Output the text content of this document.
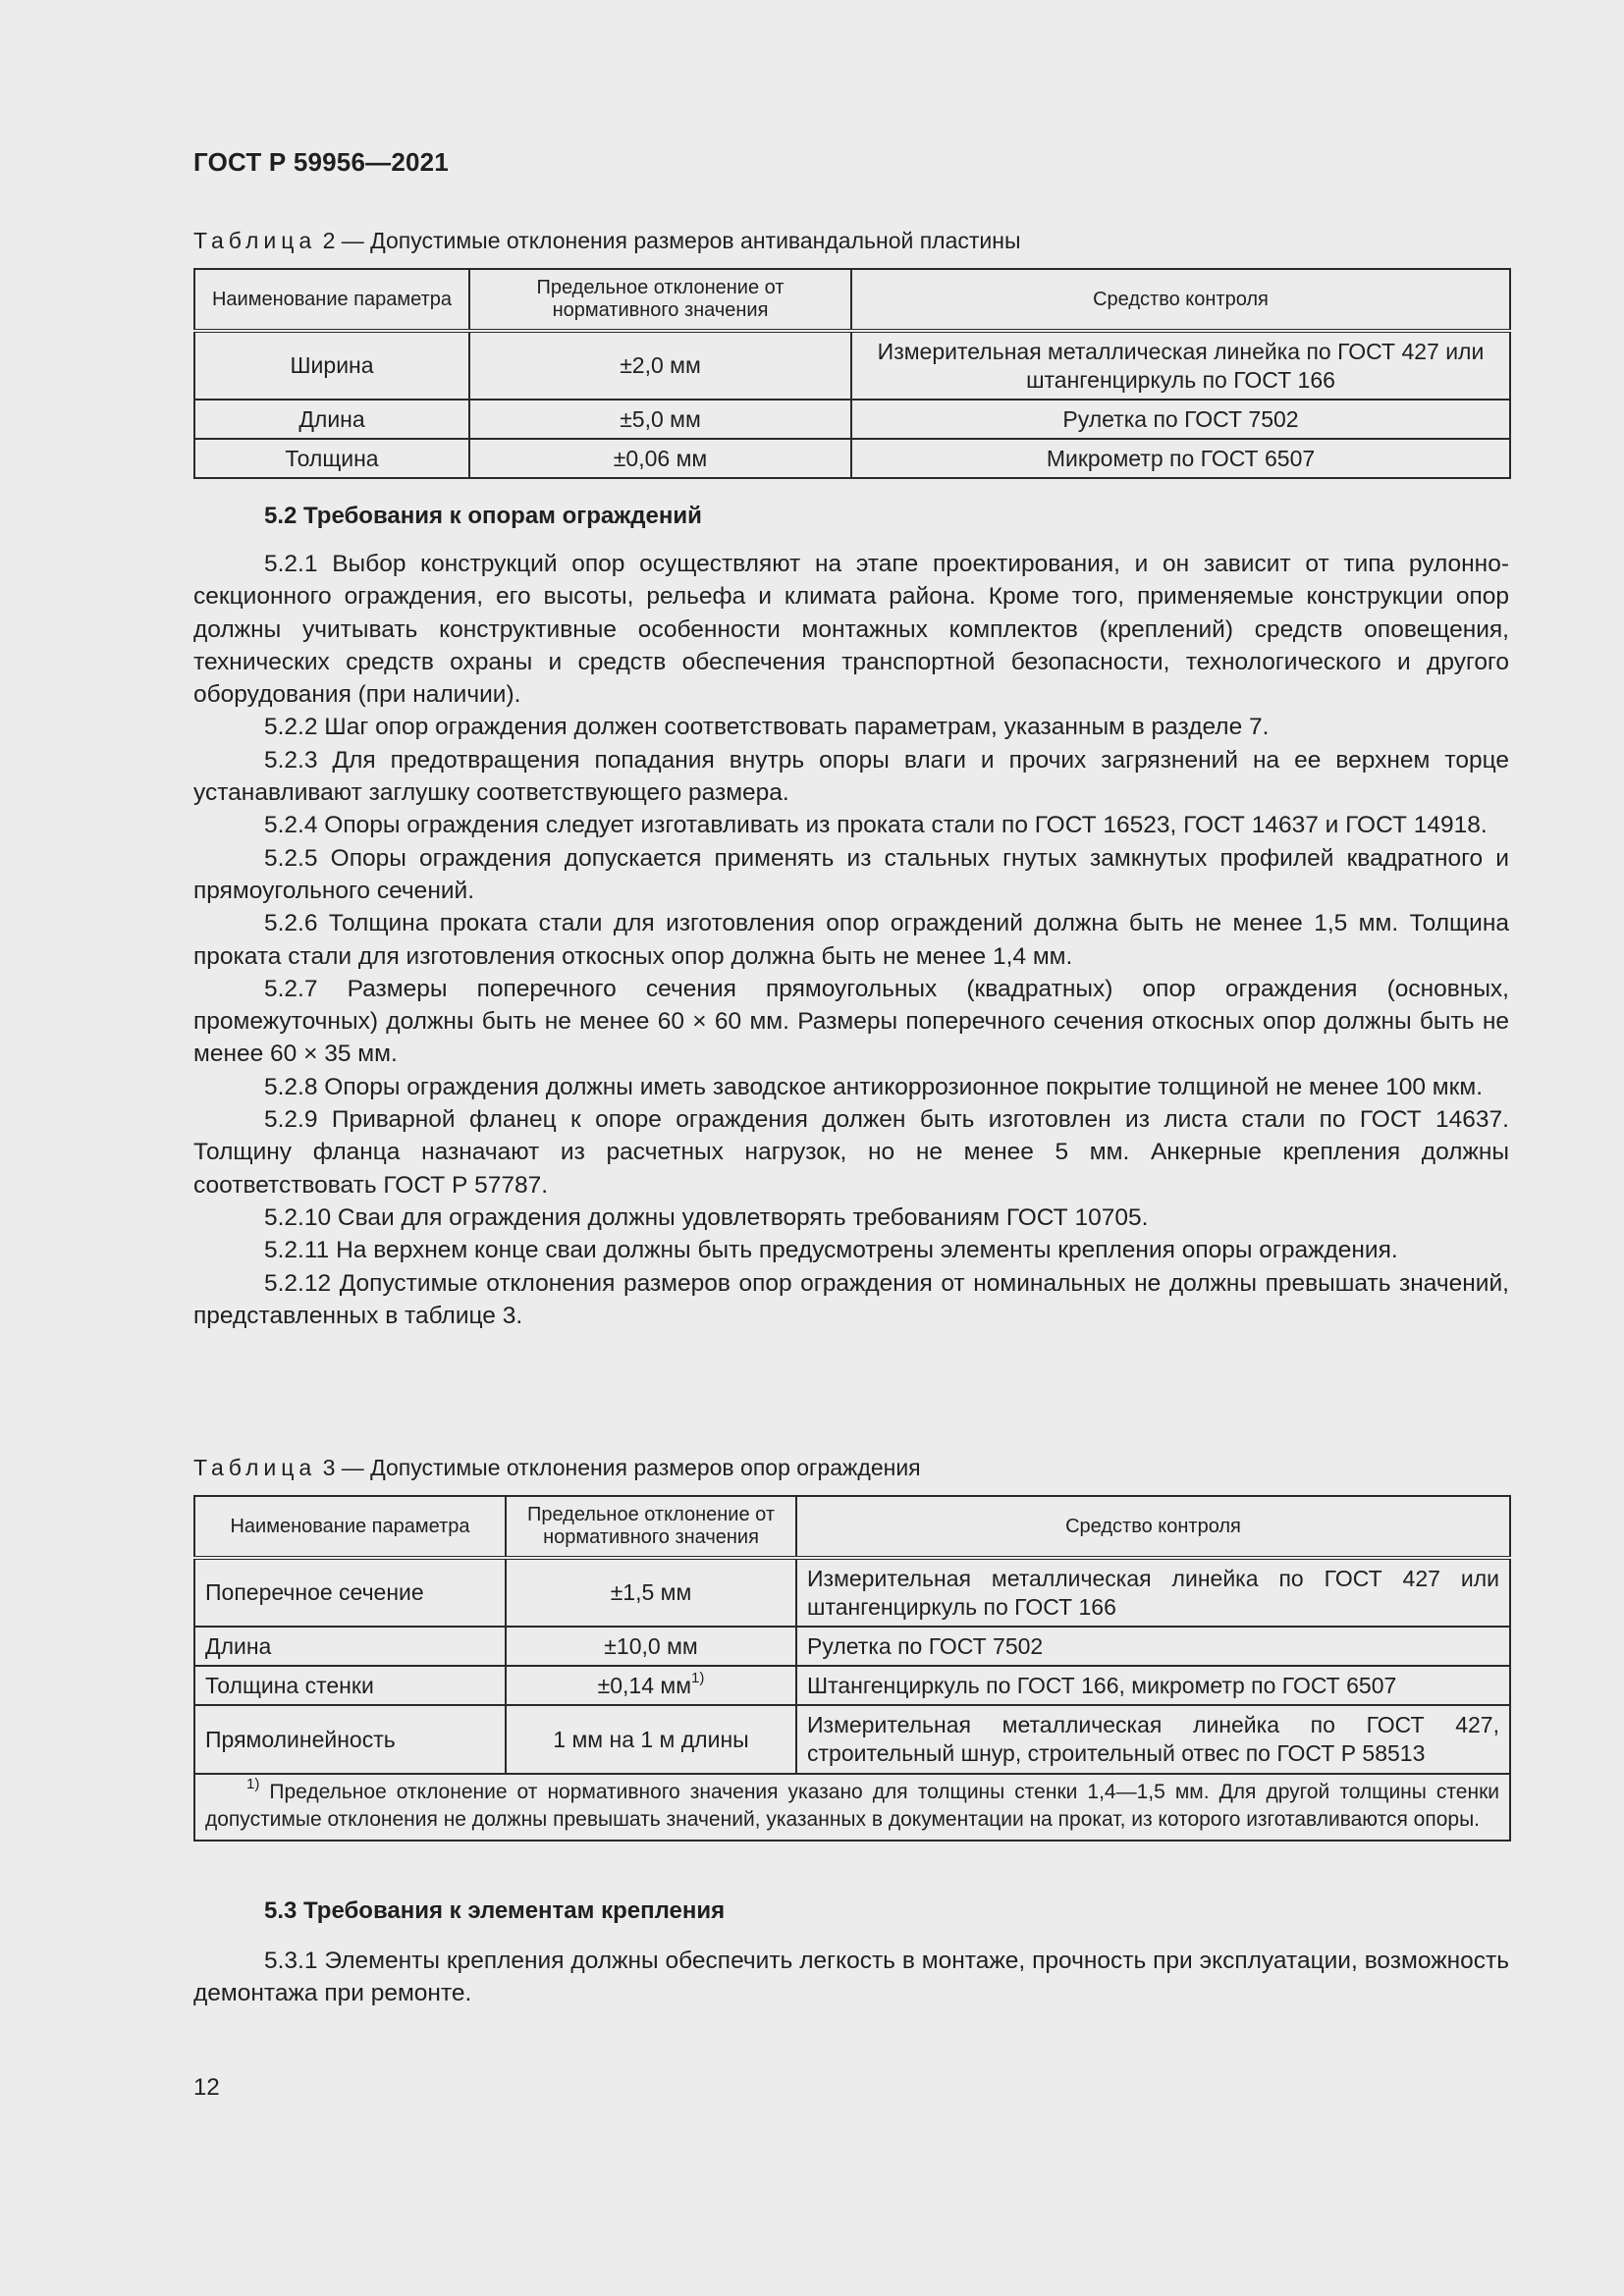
ГОСТ Р 59956—2021
Таблица 2 — Допустимые отклонения размеров антивандальной пластины
Наименование параметра	Предельное отклонение от нормативного значения	Средство контроля
Ширина	±2,0 мм	Измерительная металлическая линейка по ГОСТ 427 или штангенциркуль по ГОСТ 166
Длина	±5,0 мм	Рулетка по ГОСТ 7502
Толщина	±0,06 мм	Микрометр по ГОСТ 6507
5.2 Требования к опорам ограждений

5.2.1 Выбор конструкций опор осуществляют на этапе проектирования, и он зависит от типа рулонно-секционного ограждения, его высоты, рельефа и климата района. Кроме того, применяемые конструкции опор должны учитывать конструктивные особенности монтажных комплектов (креплений) средств оповещения, технических средств охраны и средств обеспечения транспортной безопасности, технологического и другого оборудования (при наличии).

5.2.2 Шаг опор ограждения должен соответствовать параметрам, указанным в разделе 7.

5.2.3 Для предотвращения попадания внутрь опоры влаги и прочих загрязнений на ее верхнем торце устанавливают заглушку соответствующего размера.

5.2.4 Опоры ограждения следует изготавливать из проката стали по ГОСТ 16523, ГОСТ 14637 и ГОСТ 14918.

5.2.5 Опоры ограждения допускается применять из стальных гнутых замкнутых профилей квадратного и прямоугольного сечений.

5.2.6 Толщина проката стали для изготовления опор ограждений должна быть не менее 1,5 мм. Толщина проката стали для изготовления откосных опор должна быть не менее 1,4 мм.

5.2.7 Размеры поперечного сечения прямоугольных (квадратных) опор ограждения (основных, промежуточных) должны быть не менее 60 × 60 мм. Размеры поперечного сечения откосных опор должны быть не менее 60 × 35 мм.

5.2.8 Опоры ограждения должны иметь заводское антикоррозионное покрытие толщиной не менее 100 мкм.

5.2.9 Приварной фланец к опоре ограждения должен быть изготовлен из листа стали по ГОСТ 14637. Толщину фланца назначают из расчетных нагрузок, но не менее 5 мм. Анкерные крепления должны соответствовать ГОСТ Р 57787.

5.2.10 Сваи для ограждения должны удовлетворять требованиям ГОСТ 10705.

5.2.11 На верхнем конце сваи должны быть предусмотрены элементы крепления опоры ограждения.

5.2.12 Допустимые отклонения размеров опор ограждения от номинальных не должны превышать значений, представленных в таблице 3.

Таблица 3 — Допустимые отклонения размеров опор ограждения
Наименование параметра	Предельное отклонение от нормативного значения	Средство контроля
Поперечное сечение	±1,5 мм	Измерительная металлическая линейка по ГОСТ 427 или штангенциркуль по ГОСТ 166
Длина	±10,0 мм	Рулетка по ГОСТ 7502
Толщина стенки	±0,14 $мм^{1)}$	Штангенциркуль по ГОСТ 166, микрометр по ГОСТ 6507
Прямолинейность	1 мм на 1 м длины	Измерительная металлическая линейка по ГОСТ 427, строительный шнур, строительный отвес по ГОСТ Р 58513
$^{1)}$ Предельное отклонение от нормативного значения указано для толщины стенки 1,4—1,5 мм. Для другой толщины стенки допустимые отклонения не должны превышать значений, указанных в документации на прокат, из которого изготавливаются опоры.		
5.3 Требования к элементам крепления

5.3.1 Элементы крепления должны обеспечить легкость в монтаже, прочность при эксплуатации, возможность демонтажа при ремонте.

12
